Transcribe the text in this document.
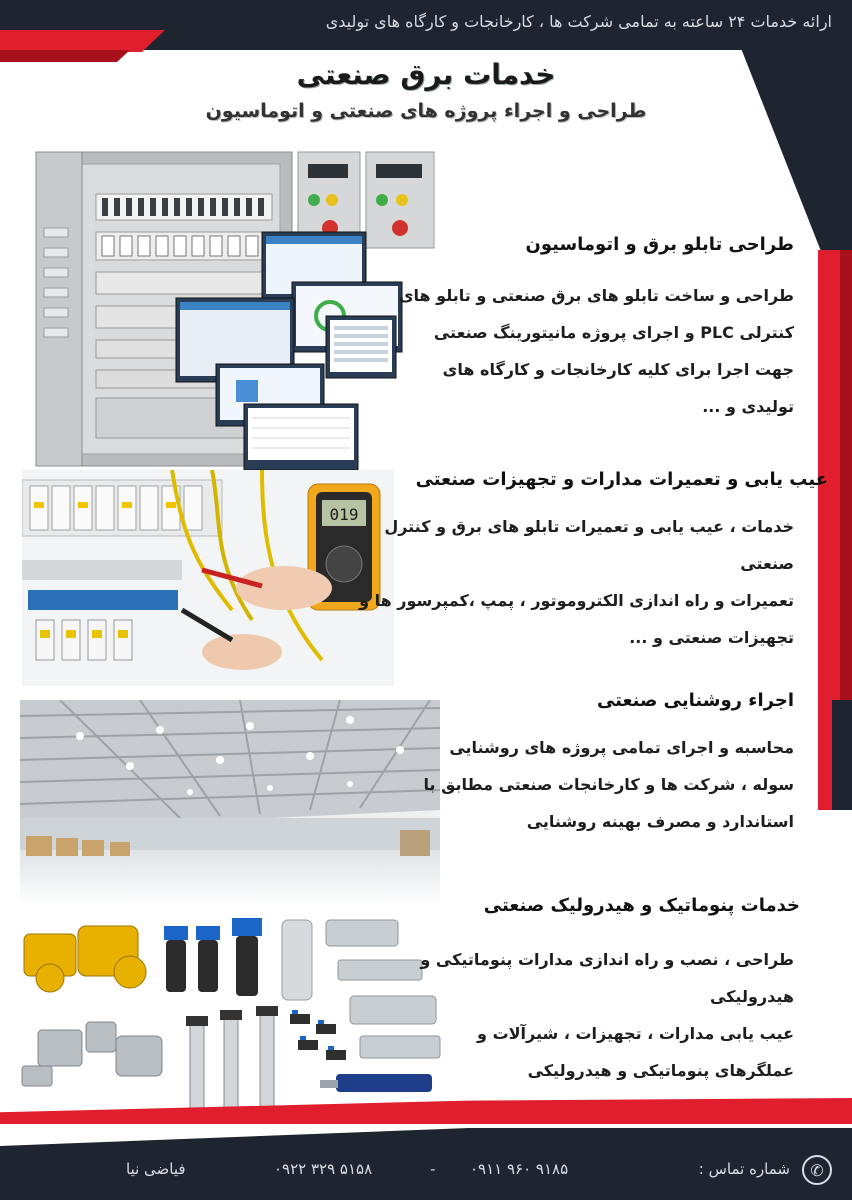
ارائه خدمات ۲۴ ساعته به تمامی شرکت ها ، کارخانجات و کارگاه های تولیدی
خدمات برق صنعتی
طراحی و اجراء پروژه های صنعتی و اتوماسیون
طراحی تابلو برق و اتوماسیون
طراحی و ساخت تابلو های برق صنعتی و تابلو های
کنترلی PLC و اجرای پروژه مانیتورینگ صنعتی
جهت اجرا برای کلیه کارخانجات و کارگاه های
تولیدی و ...
019
عیب یابی و تعمیرات مدارات و تجهیزات صنعتی
خدمات ، عیب یابی و تعمیرات تابلو های برق و کنترل
صنعتی
تعمیرات و راه اندازی الکتروموتور ، پمپ ،کمپرسور ها و
تجهیزات صنعتی و ...
اجراء روشنایی صنعتی
محاسبه و اجرای تمامی پروژه های روشنایی
سوله ، شرکت ها و کارخانجات صنعتی مطابق با
استاندارد و مصرف بهینه روشنایی
خدمات پنوماتیک و هیدرولیک صنعتی
طراحی ، نصب و راه اندازی مدارات پنوماتیکی و
هیدرولیکی
عیب یابی مدارات ، تجهیزات ، شیرآلات و
عملگرهای پنوماتیکی و هیدرولیکی
✆
شماره تماس :
۰۹۱۱ ۹۶۰ ۹۱۸۵
-
۰۹۲۲ ۳۲۹ ۵۱۵۸
فیاضی نیا
